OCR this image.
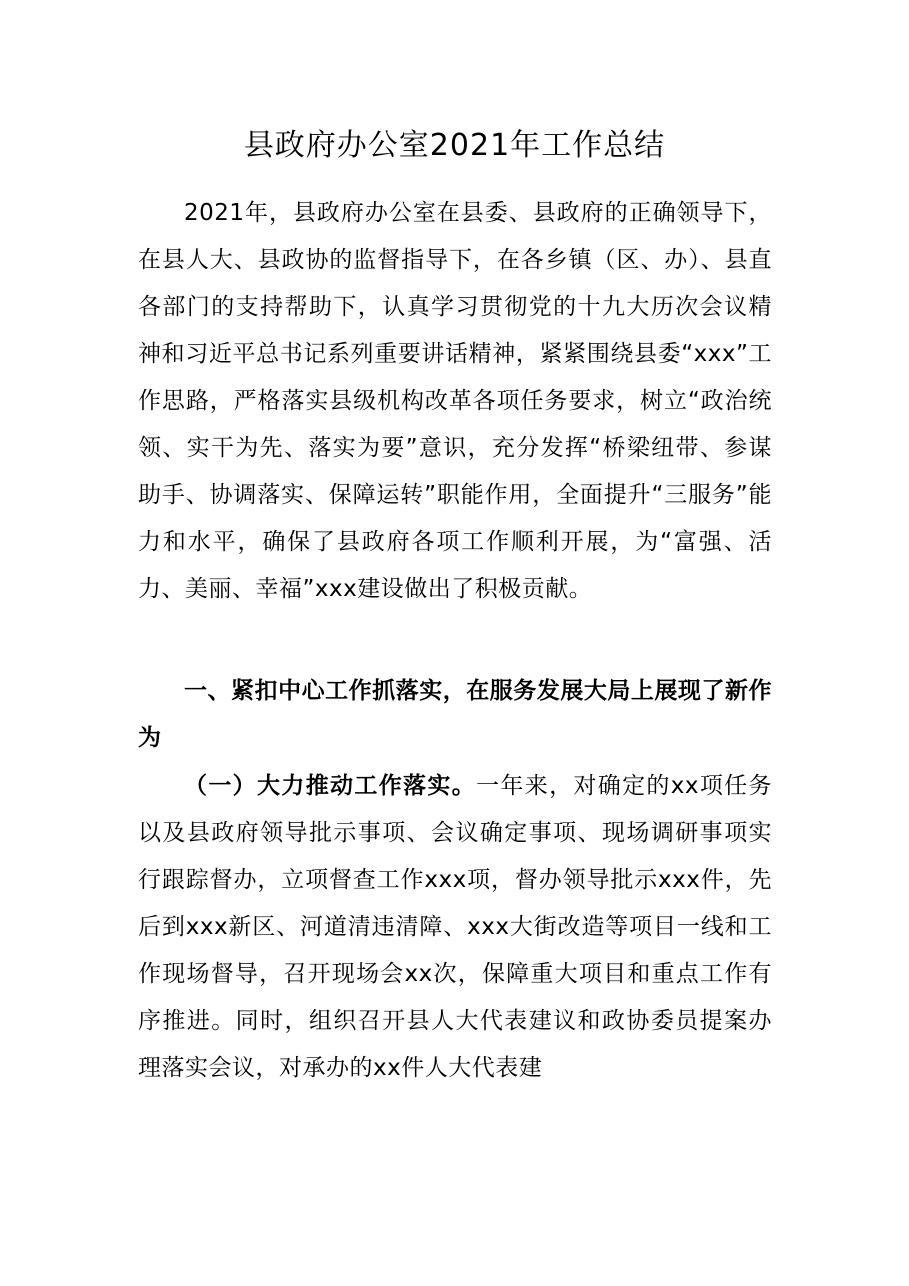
县政府办公室2021年工作总结

2021年，县政府办公室在县委、县政府的正确领导下，在县人大、县政协的监督指导下，在各乡镇（区、办）、县直各部门的支持帮助下，认真学习贯彻党的十九大历次会议精神和习近平总书记系列重要讲话精神，紧紧围绕县委“xxx”工作思路，严格落实县级机构改革各项任务要求，树立“政治统领、实干为先、落实为要”意识，充分发挥“桥梁纽带、参谋助手、协调落实、保障运转”职能作用，全面提升“三服务”能力和水平，确保了县政府各项工作顺利开展，为“富强、活力、美丽、幸福”xxx建设做出了积极贡献。

一、紧扣中心工作抓落实，在服务发展大局上展现了新作为

（一）大力推动工作落实。一年来，对确定的xx项任务以及县政府领导批示事项、会议确定事项、现场调研事项实行跟踪督办，立项督查工作xxx项，督办领导批示xxx件，先后到xxx新区、河道清违清障、xxx大街改造等项目一线和工作现场督导，召开现场会xx次，保障重大项目和重点工作有序推进。同时，组织召开县人大代表建议和政协委员提案办理落实会议，对承办的xx件人大代表建
